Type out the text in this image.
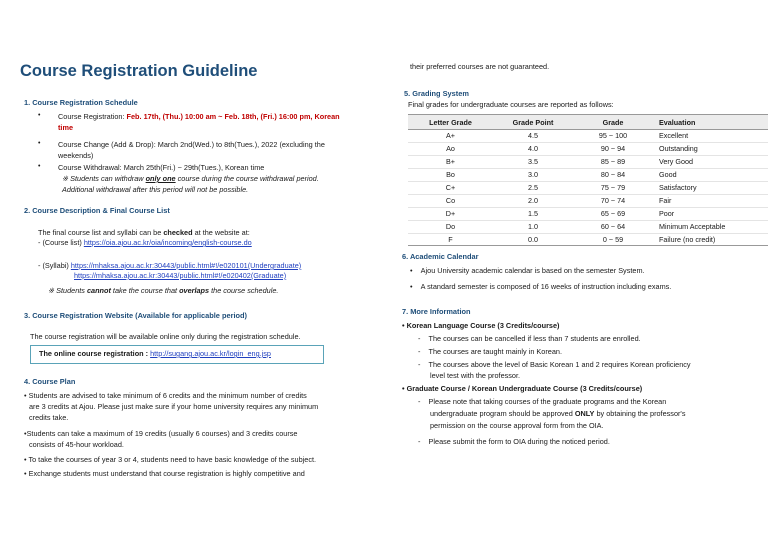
Course Registration Guideline
1. Course Registration Schedule
• Course Registration: Feb. 17th, (Thu.) 10:00 am ~ Feb. 18th, (Fri.) 16:00 pm, Korean
time
• Course Change (Add & Drop): March 2nd(Wed.) to 8th(Tues.), 2022 (excluding the
weekends)
• Course Withdrawal: March 25th(Fri.) ~ 29th(Tues.), Korean time
※ Students can withdraw only one course during the course withdrawal period.
Additional withdrawal after this period will not be possible.
2. Course Description & Final Course List
The final course list and syllabi can be checked at the website at:
- (Course list) https://oia.ajou.ac.kr/oia/incoming/english-course.do
- (Syllabi) https://mhaksa.ajou.ac.kr:30443/public.html#!/e020101(Undergraduate)
https://mhaksa.ajou.ac.kr:30443/public.html#!/e020402(Graduate)
※ Students cannot take the course that overlaps the course schedule.
3. Course Registration Website (Available for applicable period)
The course registration will be available online only during the registration schedule.
The online course registration : http://sugang.ajou.ac.kr/login_eng.jsp
4. Course Plan
• Students are advised to take minimum of 6 credits and the minimum number of credits
are 3 credits at Ajou. Please just make sure if your home university requires any minimum
credits take.
•Students can take a maximum of 19 credits (usually 6 courses) and 3 credits course
consists of 45-hour workload.
• To take the courses of year 3 or 4, students need to have basic knowledge of the subject.
• Exchange students must understand that course registration is highly competitive and
their preferred courses are not guaranteed.
5. Grading System
Final grades for undergraduate courses are reported as follows:
Letter Grade	Grade Point	Grade	Evaluation
A+	4.5	95 ~ 100	Excellent
Ao	4.0	90 ~ 94	Outstanding
B+	3.5	85 ~ 89	Very Good
Bo	3.0	80 ~ 84	Good
C+	2.5	75 ~ 79	Satisfactory
Co	2.0	70 ~ 74	Fair
D+	1.5	65 ~ 69	Poor
Do	1.0	60 ~ 64	Minimum Acceptable
F	0.0	0 ~ 59	Failure (no credit)
6. Academic Calendar
•    Ajou University academic calendar is based on the semester System.
•    A standard semester is composed of 16 weeks of instruction including exams.
7. More Information
• Korean Language Course (3 Credits/course)
-    The courses can be cancelled if less than 7 students are enrolled.
-    The courses are taught mainly in Korean.
-    The courses above the level of Basic Korean 1 and 2 requires Korean proficiency
level test with the professor.
• Graduate Course / Korean Undergraduate Course (3 Credits/course)
-    Please note that taking courses of the graduate programs and the Korean
undergraduate program should be approved ONLY by obtaining the professor's
permission on the course approval form from the OIA.
-    Please submit the form to OIA during the noticed period.
